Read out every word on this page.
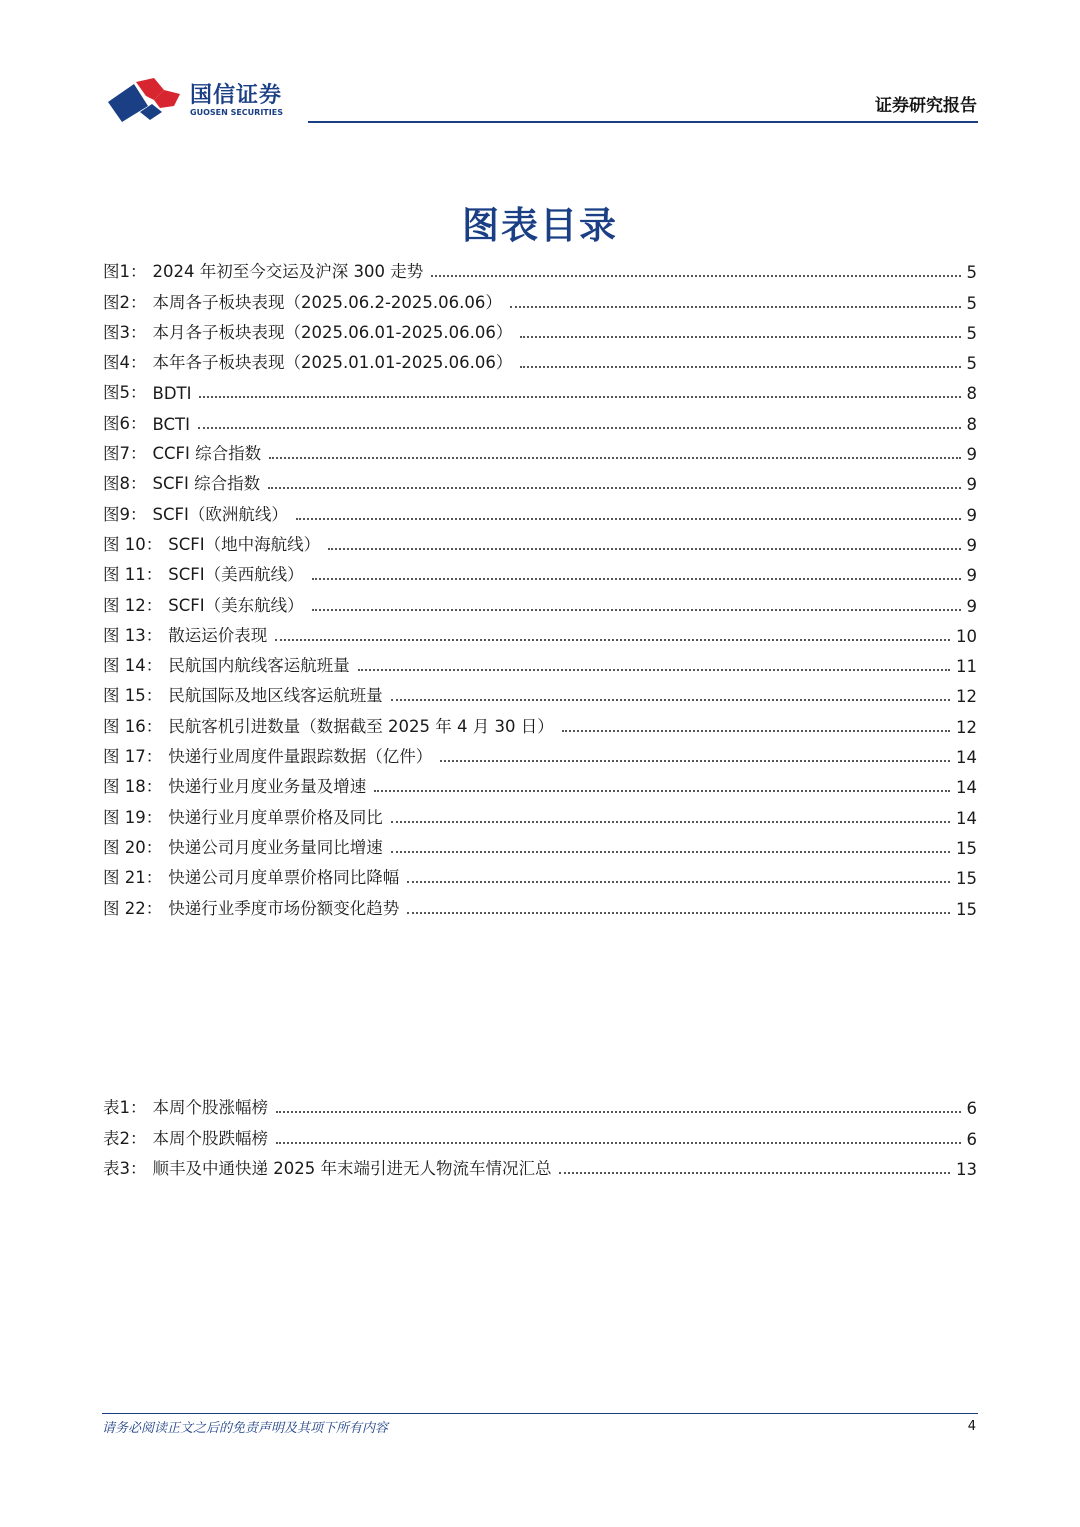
国信证券
GUOSEN SECURITIES	证券研究报告
图表目录
图1： 2024 年初至今交运及沪深 300 走势	5
图2： 本周各子板块表现（2025.06.2-2025.06.06）	5
图3： 本月各子板块表现（2025.06.01-2025.06.06）	5
图4： 本年各子板块表现（2025.01.01-2025.06.06）	5
图5： BDTI	8
图6： BCTI	8
图7： CCFI 综合指数	9
图8： SCFI 综合指数	9
图9： SCFI（欧洲航线）	9
图 10： SCFI（地中海航线）	9
图 11： SCFI（美西航线）	9
图 12： SCFI（美东航线）	9
图 13： 散运运价表现	10
图 14： 民航国内航线客运航班量	11
图 15： 民航国际及地区线客运航班量	12
图 16： 民航客机引进数量（数据截至 2025 年 4 月 30 日）	12
图 17： 快递行业周度件量跟踪数据（亿件）	14
图 18： 快递行业月度业务量及增速	14
图 19： 快递行业月度单票价格及同比	14
图 20： 快递公司月度业务量同比增速	15
图 21： 快递公司月度单票价格同比降幅	15
图 22： 快递行业季度市场份额变化趋势	15
表1： 本周个股涨幅榜	6
表2： 本周个股跌幅榜	6
表3： 顺丰及中通快递 2025 年末端引进无人物流车情况汇总	13
请务必阅读正文之后的免责声明及其项下所有内容	4
